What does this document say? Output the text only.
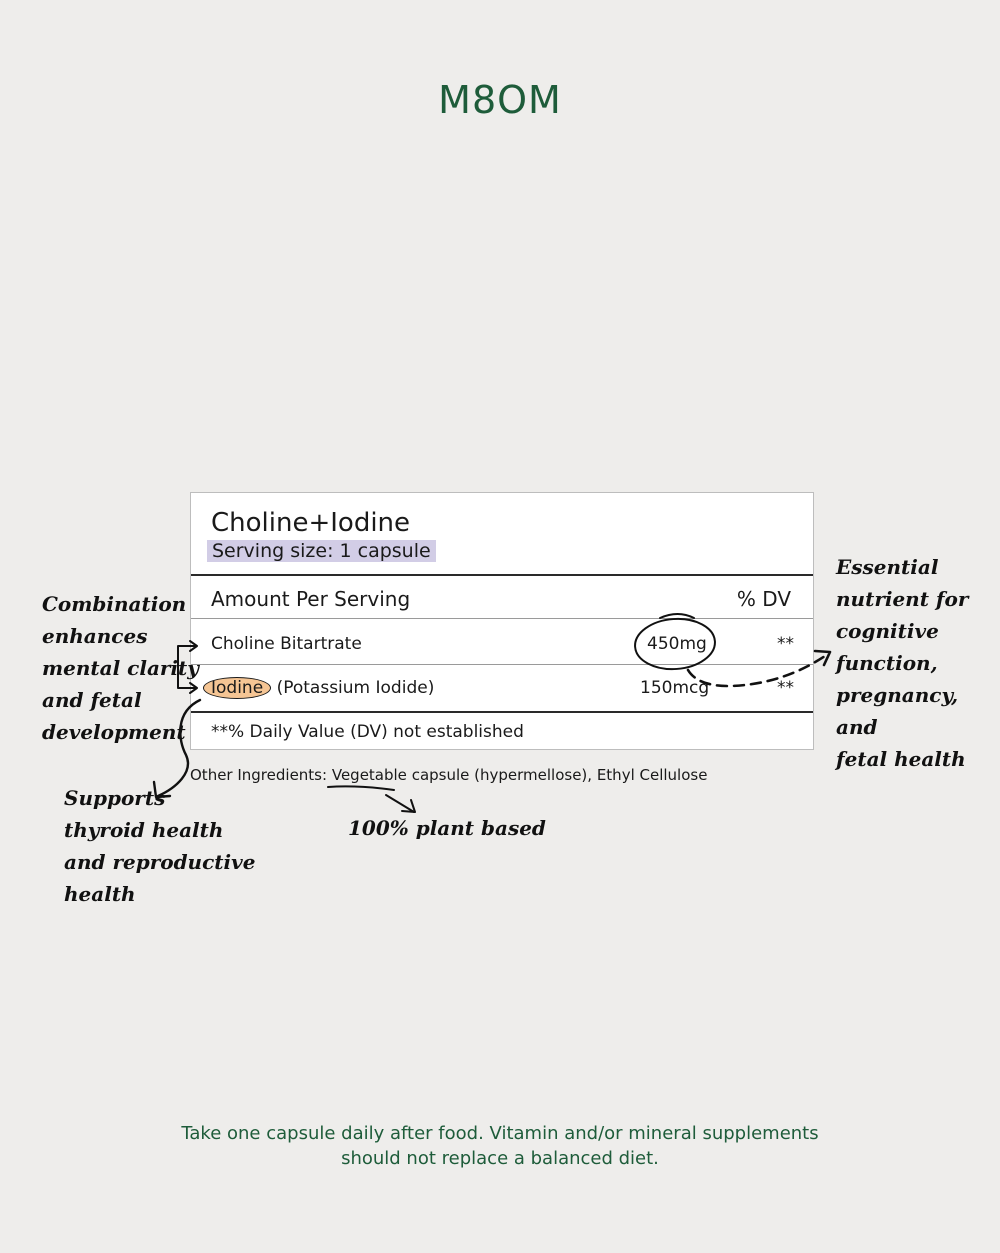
M8OM
Choline+Iodine
Serving size: 1 capsule
Amount Per Serving	% DV
Choline Bitartrate	450mg	**
Iodine (Potassium Iodide)	150mcg	**
**% Daily Value (DV) not established
Other Ingredients: Vegetable capsule (hypermellose), Ethyl Cellulose
Combination
enhances
mental clarity
and fetal
development
Essential
nutrient for
cognitive
function,
pregnancy, and
fetal health
Supports
thyroid health
and reproductive
health
100% plant based
Take one capsule daily after food. Vitamin and/or mineral supplements
should not replace a balanced diet.
